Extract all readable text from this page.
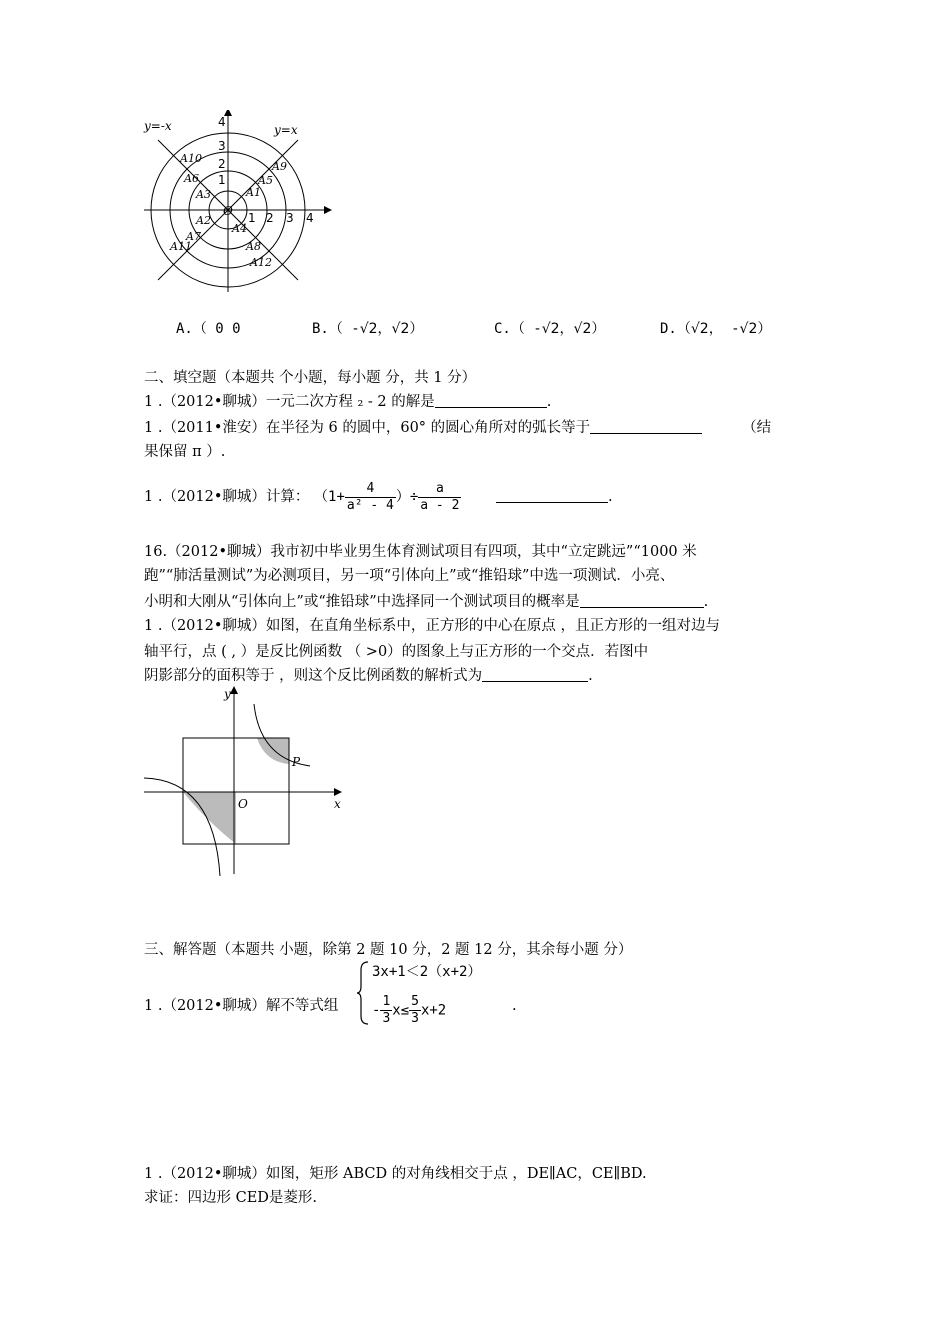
y=-x	y=x
O
A10
A9
A6	A5
A3	A1
A2
A4
A7
A8
A11
A12
4
3
2
1
1 2 3 4
A.（ 0 0	B.（ -√2，√2）	C.（ -√2，√2）	D.（√2， -√2）
二、填空题（本题共 个小题，每小题 分，共 1 分）
1 .（2012•聊城）一元二次方程 ₂ - 2 的解是	.
1 .（2011•淮安）在半径为 6 的圆中，60° 的圆心角所对的弧长等于	（结
果保留 π ）.
1 .（2012•聊城）计算： （$1+ \frac{4}{\text{a² - 4}}$ ）÷ $\frac{a}{a - 2}$	.
16.（2012•聊城）我市初中毕业男生体育测试项目有四项，其中“立定跳远”“1000 米
跑”“肺活量测试”为必测项目，另一项“引体向上”或“推铅球”中选一项测试．小亮、
小明和大刚从“引体向上”或“推铅球”中选择同一个测试项目的概率是	.
1 .（2012•聊城）如图，在直角坐标系中，正方形的中心在原点 ，且正方形的一组对边与
轴平行，点 ( , ）是反比例函数 （ >0）的图象上与正方形的一个交点．若图中
阴影部分的面积等于 ，则这个反比例函数的解析式为	.
y
x
O
P
三、解答题（本题共 小题，除第 2 题 10 分，2 题 12 分，其余每小题 分）
1 .（2012•聊城）解不等式组
3x+1＜2（x+2）
- $\frac{1}{3} x\le \frac{5}{3} x+2$	.
1 .（2012•聊城）如图，矩形 ABCD 的对角线相交于点 ，DE∥AC，CE∥BD.
求证：四边形 CED是菱形.
